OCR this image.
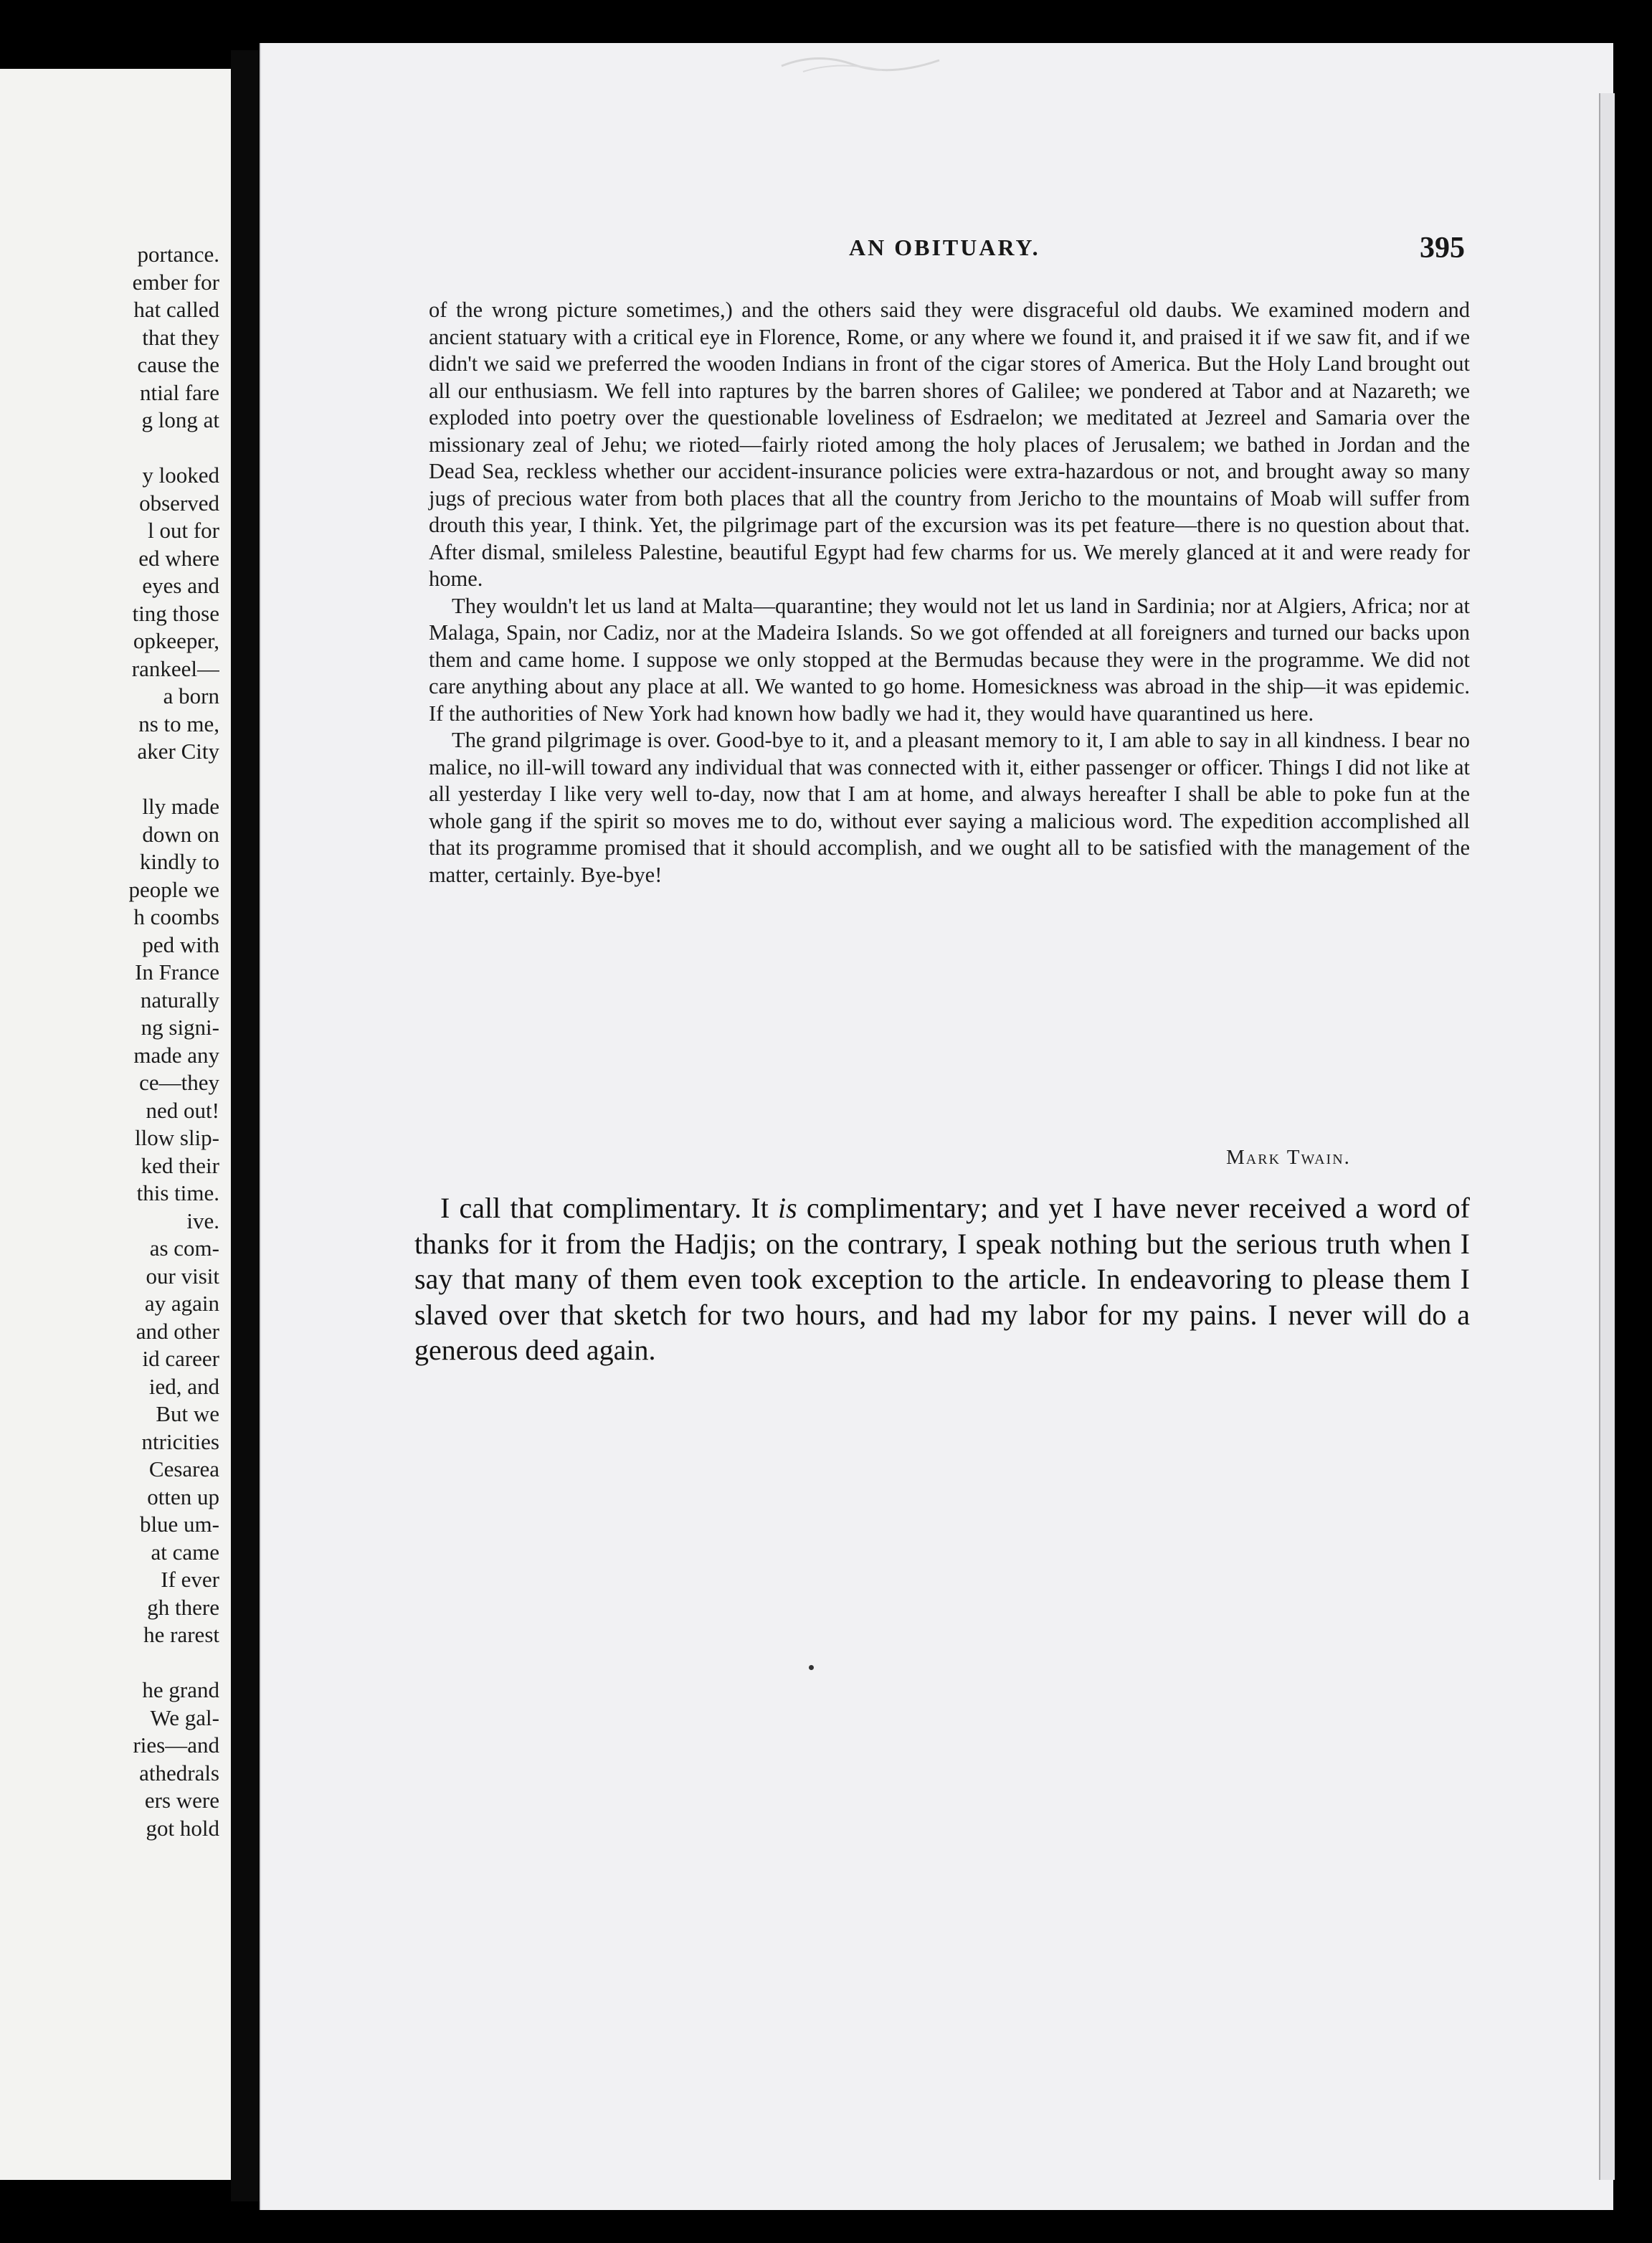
portance.
ember for
hat called
that they
cause the
ntial fare
g long at
y looked
observed
l out for
ed where
eyes and
ting those
opkeeper,
rankeel—
a born
ns to me,
aker City
lly made
down on
kindly to
people we
h coombs
ped with
In France
naturally
ng signi-
made any
ce—they
ned out!
llow slip-
ked their
this time.
ive.
as com-
our visit
ay again
and other
id career
ied, and
But we
ntricities
Cesarea
otten up
blue um-
at came
If ever
gh there
he rarest
he grand
We gal-
ries—and
athedrals
ers were
got hold
AN OBITUARY.	395

of the wrong picture sometimes,) and the others said they were disgraceful old daubs. We examined modern and ancient statuary with a critical eye in Florence, Rome, or any where we found it, and praised it if we saw fit, and if we didn't we said we preferred the wooden Indians in front of the cigar stores of America. But the Holy Land brought out all our enthusiasm. We fell into raptures by the barren shores of Galilee; we pondered at Tabor and at Nazareth; we exploded into poetry over the questionable loveliness of Esdraelon; we meditated at Jezreel and Samaria over the missionary zeal of Jehu; we rioted—fairly rioted among the holy places of Jerusalem; we bathed in Jordan and the Dead Sea, reckless whether our accident-insurance policies were extra-hazardous or not, and brought away so many jugs of precious water from both places that all the country from Jericho to the mountains of Moab will suffer from drouth this year, I think. Yet, the pilgrimage part of the excursion was its pet feature—there is no question about that. After dismal, smileless Palestine, beautiful Egypt had few charms for us. We merely glanced at it and were ready for home.

They wouldn't let us land at Malta—quarantine; they would not let us land in Sardinia; nor at Algiers, Africa; nor at Malaga, Spain, nor Cadiz, nor at the Madeira Islands. So we got offended at all foreigners and turned our backs upon them and came home. I suppose we only stopped at the Bermudas because they were in the programme. We did not care anything about any place at all. We wanted to go home. Homesickness was abroad in the ship—it was epidemic. If the authorities of New York had known how badly we had it, they would have quarantined us here.

The grand pilgrimage is over. Good-bye to it, and a pleasant memory to it, I am able to say in all kindness. I bear no malice, no ill-will toward any individual that was connected with it, either passenger or officer. Things I did not like at all yesterday I like very well to-day, now that I am at home, and always hereafter I shall be able to poke fun at the whole gang if the spirit so moves me to do, without ever saying a malicious word. The expedition accomplished all that its programme promised that it should accomplish, and we ought all to be satisfied with the management of the matter, certainly. Bye-bye!

Mark Twain.
I call that complimentary. It is complimentary; and yet I have never received a word of thanks for it from the Hadjis; on the contrary, I speak nothing but the serious truth when I say that many of them even took exception to the article. In endeavoring to please them I slaved over that sketch for two hours, and had my labor for my pains. I never will do a generous deed again.
